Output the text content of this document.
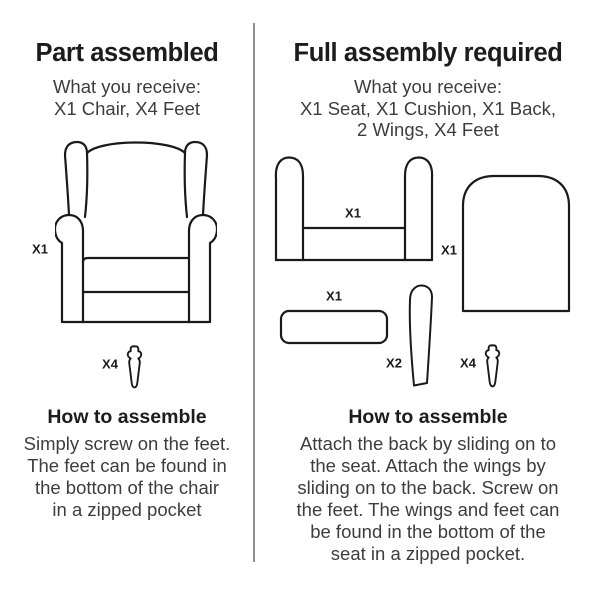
Part assembled
What you receive:
X1 Chair, X4 Feet
How to assemble
Simply screw on the feet.
The feet can be found in
the bottom of the chair
in a zipped pocket
X1
X4
Full assembly required
What you receive:
X1 Seat, X1 Cushion, X1 Back,
2 Wings, X4 Feet
How to assemble
Attach the back by sliding on to
the seat. Attach the wings by
sliding on to the back. Screw on
the feet. The wings and feet can
be found in the bottom of the
seat in a zipped pocket.
X1
X1
X1
X2	X4
